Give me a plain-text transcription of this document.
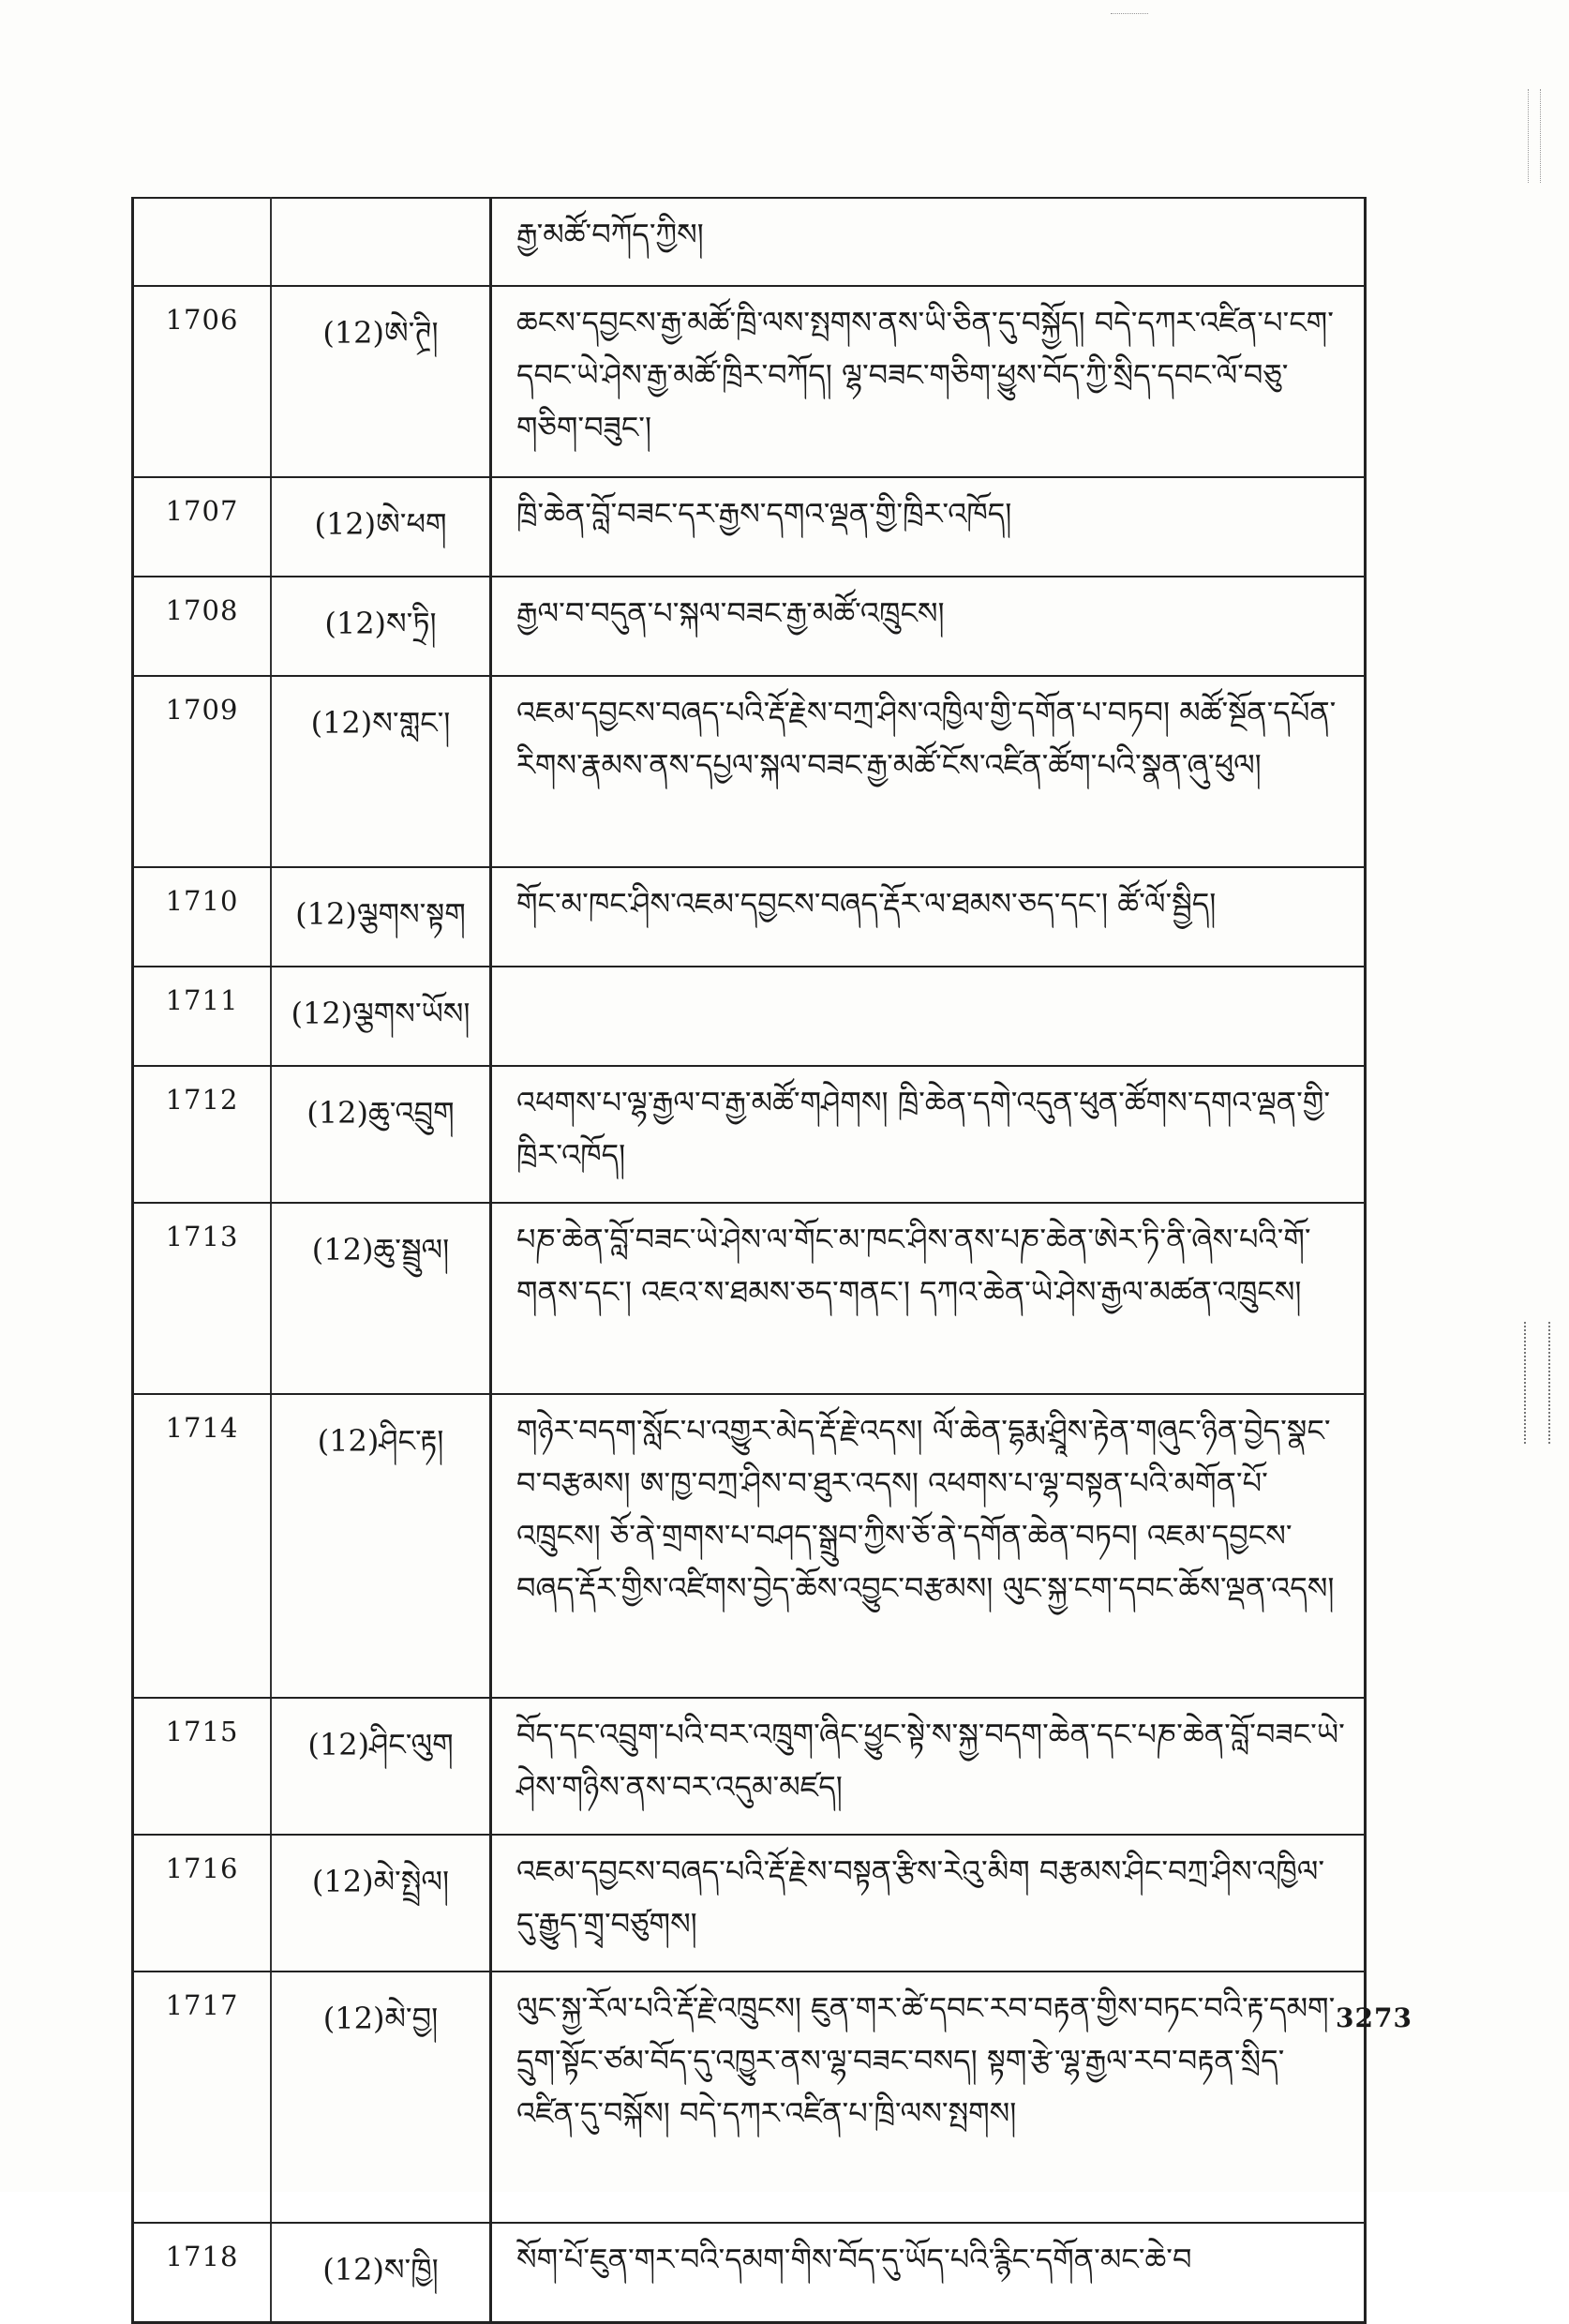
		རྒྱ་མཚོ་བཀོད་ཀྱིས།
1706	(12)ཨེ་ཊྲི།	ཆངས་དབྱངས་རྒྱ་མཚོ་ཁྲི་ལས་སྤགས་ནས་ཡི་ཅིན་དུ་བསྐྱོད། བདེ་དཀར་འཛིན་པ་ངག་དབང་ཡེ་ཤེས་རྒྱ་མཚོ་ཁྲིར་བཀོད། ལྷ་བཟང་གཅིག་ཕྱུས་བོད་ཀྱི་སྲིད་དབང་ལོ་བཅུ་གཅིག་བཟུང་།
1707	(12)ཨེ་ཕག	ཁྲི་ཆེན་བློ་བཟང་དར་རྒྱས་དགའ་ལྡན་གྱི་ཁྲིར་འཁོད།
1708	(12)ས་ཏྲི།	རྒྱལ་བ་བདུན་པ་སྐལ་བཟང་རྒྱ་མཚོ་འཁྲུངས།
1709	(12)ས་གླང་།	འཇམ་དབྱངས་བཞད་པའི་རྡོ་རྗེས་བཀྲ་ཤིས་འཁྱིལ་གྱི་དགོན་པ་བཏབ། མཚོ་སྔོན་དཔོན་རིགས་རྣམས་ནས་དཔྱལ་སྐལ་བཟང་རྒྱ་མཚོ་ངོས་འཛིན་ཚོག་པའི་སྣན་ཞུ་ཕུལ།
1710	(12)ལྕགས་སྟག	གོང་མ་ཁང་ཤིས་འཇམ་དབྱངས་བཞད་རྡོར་ལ་ཐམས་ཅད་དང་། ཚོ་ལོ་སྦྱིད།
1711	(12)ལྕགས་ཡོས།	
1712	(12)ཆུ་འབྲུག	འཕགས་པ་ལྷ་རྒྱལ་བ་རྒྱ་མཚོ་གཤེགས། ཁྲི་ཆེན་དགེ་འདུན་ཕུན་ཚོགས་དགའ་ལྡན་གྱི་ཁྲིར་འཁོད།
1713	(12)ཆུ་སྦྲུལ།	པཎ་ཆེན་བློ་བཟང་ཡེ་ཤེས་ལ་གོང་མ་ཁང་ཤིས་ནས་པཎ་ཆེན་ཨེར་ཏི་ནི་ཞེས་པའི་གོ་གནས་དང་། འཇའ་ས་ཐམས་ཅད་གནང་། དཀའ་ཆེན་ཡེ་ཤེས་རྒྱལ་མཚན་འཁྲུངས།
1714	(12)ཤིང་རྟ།	གཉེར་བདག་སློང་པ་འགྱུར་མེད་རྡོ་རྗེ་འདས། ལོ་ཆེན་དྷརྨ་ཤྲཱིས་རྟེན་གཞུང་ཉིན་བྱེད་སྣང་བ་བརྩམས། ཨ་ཁྱ་བཀྲ་ཤིས་བ་ཐུར་འདས། འཕགས་པ་ལྷ་བསྟན་པའི་མགོན་པོ་འཁྲུངས། ཅོ་ནེ་གྲགས་པ་བཤད་སྒྲུབ་ཀྱིས་ཅོ་ནེ་དགོན་ཆེན་བཏབ། འཇམ་དབྱངས་བཞད་རྡོར་གྱིས་འཛིགས་བྱེད་ཆོས་འབྱུང་བརྩམས། ལུང་སྐྱ་ངག་དབང་ཆོས་ལྡན་འདས།
1715	(12)ཤིང་ལུག	བོད་དང་འབྲུག་པའི་བར་འཁྲུག་ཞིང་ཕྱུང་སྟེ་ས་སྐྱ་བདག་ཆེན་དང་པཎ་ཆེན་བློ་བཟང་ཡེ་ཤེས་གཉིས་ནས་བར་འདུམ་མཛད།
1716	(12)མེ་སྤྲེལ།	འཇམ་དབྱངས་བཞད་པའི་རྡོ་རྗེས་བསྟན་རྩིས་རེའུ་མིག བརྩམས་ཤིང་བཀྲ་ཤིས་འཁྱིལ་དུ་རྒྱུད་གྲྭ་བཙུགས།
1717	(12)མེ་བྱ།	ལུང་སྐྱ་རོལ་པའི་རྡོ་རྗེ་འཁྲུངས། ཇུན་གར་ཚེ་དབང་རབ་བརྟན་གྱིས་བཏང་བའི་རྟ་དམག་དྲུག་སྟོང་ཙམ་བོད་དུ་འཁྱུར་ནས་ལྷ་བཟང་བསད། སྟག་རྩེ་ལྷ་རྒྱལ་རབ་བརྟན་སྲིད་འཛིན་དུ་བསྐོས། བདེ་དཀར་འཛིན་པ་ཁྲི་ལས་སྤགས།
1718	(12)ས་ཁྱི།	སོག་པོ་ཇུན་གར་བའི་དམག་གིས་བོད་དུ་ཡོད་པའི་རྙིང་དགོན་མང་ཆེ་བ
3273
